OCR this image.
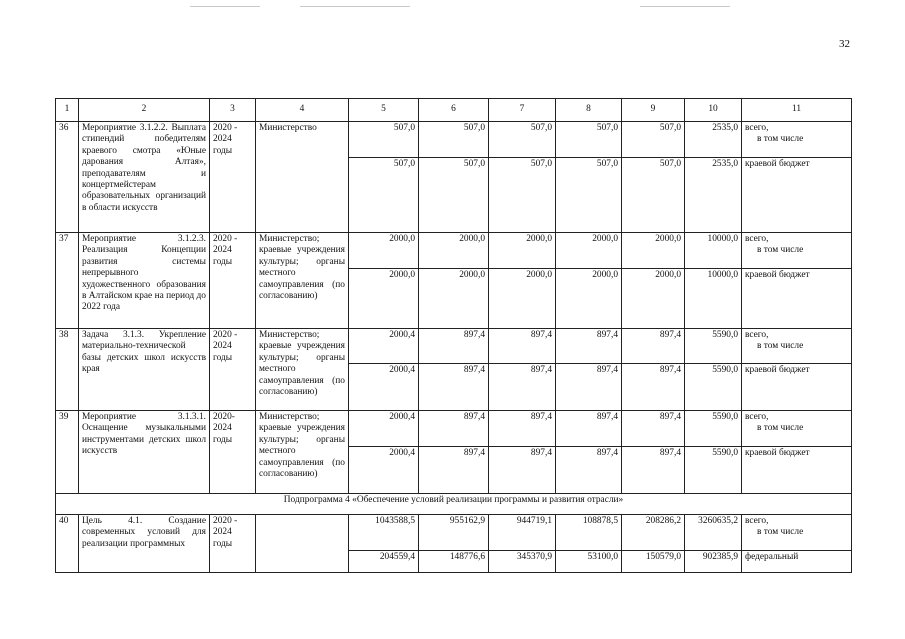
32
1	2	3	4	5	6	7	8	9	10	11
36	Мероприятие 3.1.2.2. Выплата стипендий победителям краевого смотра «Юные дарования Алтая», преподавателям и концертмейстерам образовательных организаций в области искусств	2020 - 2024 годы	Министерство	507,0	507,0	507,0	507,0	507,0	2535,0	всего,
в том числе

				507,0	507,0	507,0	507,0	507,0	2535,0	краевой бюджет

37	Мероприятие 3.1.2.3. Реализация Концепции развития системы непрерывного художественного образования в Алтайском крае на период до 2022 года	2020 - 2024 годы	Министерство; краевые учреждения культуры; органы местного самоуправления (по согласованию)	2000,0	2000,0	2000,0	2000,0	2000,0	10000,0	всего,
в том числе

				2000,0	2000,0	2000,0	2000,0	2000,0	10000,0	краевой бюджет

38	Задача 3.1.3. Укрепление материально-технической базы детских школ искусств края	2020 - 2024 годы	Министерство; краевые учреждения культуры; органы местного самоуправления (по согласованию)	2000,4	897,4	897,4	897,4	897,4	5590,0	всего,
в том числе

				2000,4	897,4	897,4	897,4	897,4	5590,0	краевой бюджет

39	Мероприятие 3.1.3.1. Оснащение музыкальными инструментами детских школ искусств	2020- 2024 годы	Министерство; краевые учреждения культуры; органы местного самоуправления (по согласованию)	2000,4	897,4	897,4	897,4	897,4	5590,0	всего,
в том числе

				2000,4	897,4	897,4	897,4	897,4	5590,0	краевой бюджет

Подпрограмма 4 «Обеспечение условий реализации программы и развития отрасли»										
40	Цель 4.1. Создание современных условий для реализации программных	2020 - 2024 годы		1043588,5	955162,9	944719,1	108878,5	208286,2	3260635,2	всего,
в том числе

				204559,4	148776,6	345370,9	53100,0	150579,0	902385,9	федеральный
